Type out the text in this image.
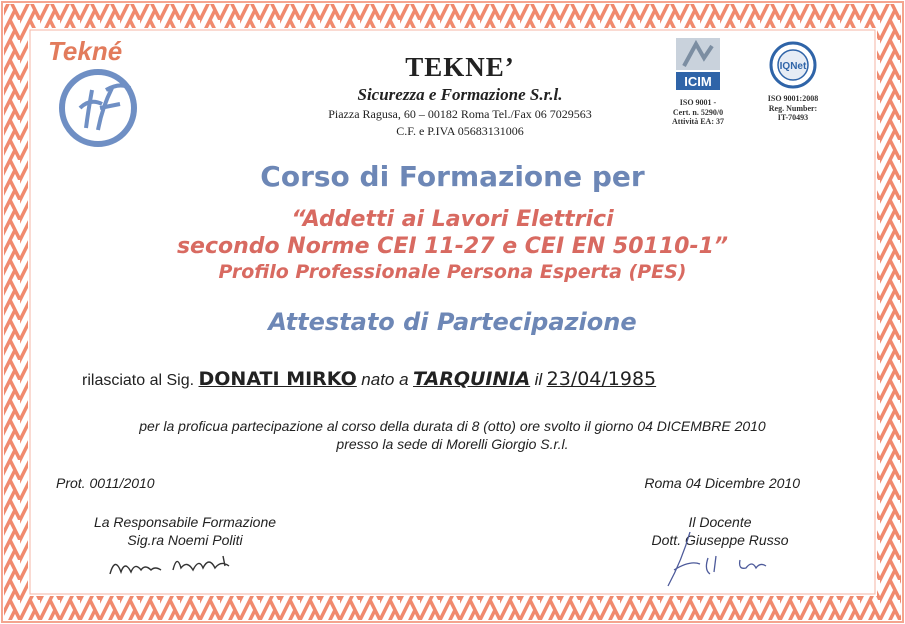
Tekné
TEKNE’
Sicurezza e Formazione S.r.l.
Piazza Ragusa, 60 – 00182 Roma Tel./Fax 06 7029563
C.F. e P.IVA 05683131006
ICIM
ISO 9001 -
Cert. n. 5290/0
Attività EA: 37
IQNet
ISO 9001:2008
Reg. Number:
IT-70493
Corso di Formazione per
“Addetti ai Lavori Elettrici
secondo Norme CEI 11-27 e CEI EN 50110-1”
Profilo Professionale Persona Esperta (PES)
Attestato di Partecipazione
rilasciato al Sig. DONATI MIRKO nato a TARQUINIA il 23/04/1985
per la proficua partecipazione al corso della durata di 8 (otto) ore svolto il giorno 04 DICEMBRE 2010
presso la sede di Morelli Giorgio S.r.l.
Prot. 0011/2010	Roma 04 Dicembre 2010
La Responsabile Formazione
Sig.ra Noemi Politi
Il Docente
Dott. Giuseppe Russo
